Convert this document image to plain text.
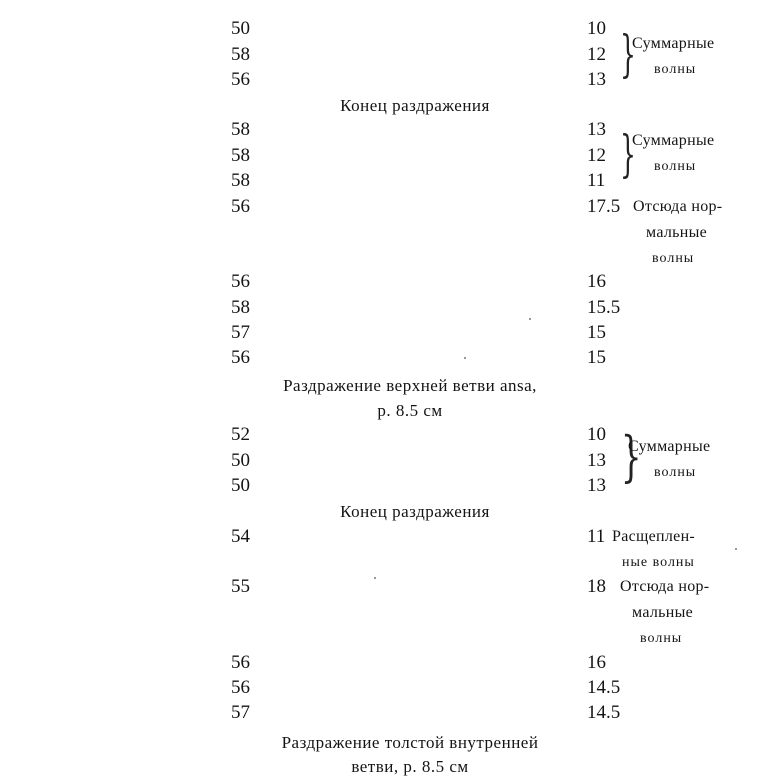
50	10
58	12
56	13 }
Суммарные
волны
Конец раздражения
58	13
58	12
58	11 }
Суммарные
волны
56	17.5 Отсюда нор-
мальные
волны
56	16
58	15.5
57	15
56	15
Раздражение верхней ветви ansa,
р. 8.5 см
52	10
50	13
50	13 }
Суммарные
волны
Конец раздражения
54	11 Расщеплен-
ные волны
55	18 Отсюда нор-
мальные
волны
56	16
56	14.5
57	14.5
Раздражение толстой внутренней
ветви, р. 8.5 см
